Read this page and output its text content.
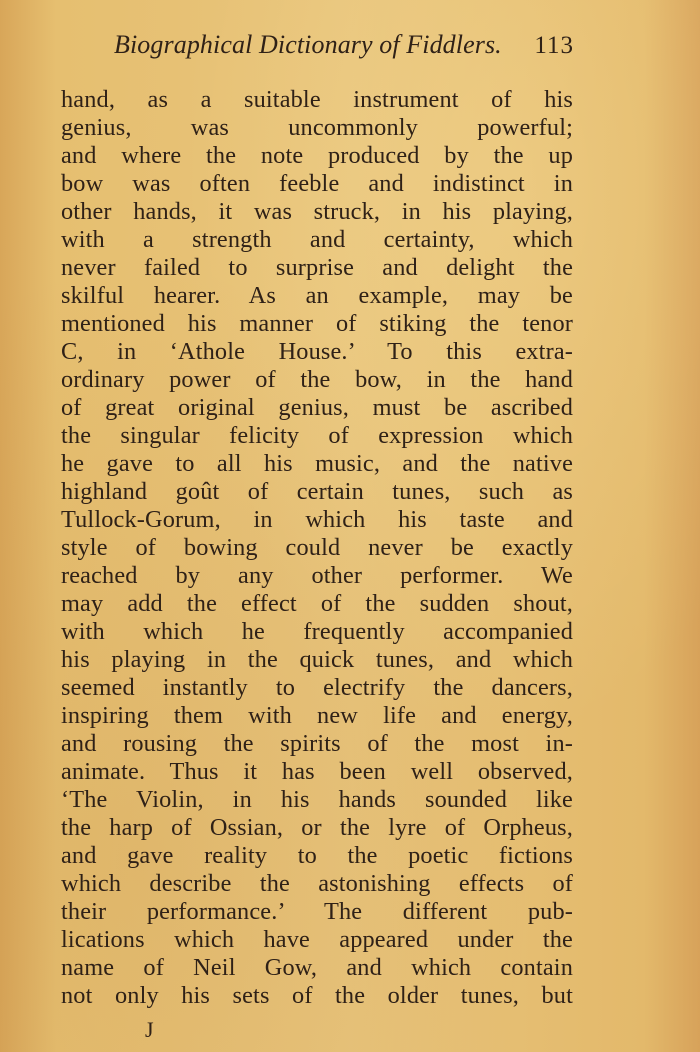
Biographical Dictionary of Fiddlers. 113
hand, as a suitable instrument of his
genius, was uncommonly powerful;
and where the note produced by the up
bow was often feeble and indistinct in
other hands, it was struck, in his playing,
with a strength and certainty, which
never failed to surprise and delight the
skilful hearer. As an example, may be
mentioned his manner of stiking the tenor
C, in ‘Athole House.’ To this extra-
ordinary power of the bow, in the hand
of great original genius, must be ascribed
the singular felicity of expression which
he gave to all his music, and the native
highland goût of certain tunes, such as
Tullock-Gorum, in which his taste and
style of bowing could never be exactly
reached by any other performer. We
may add the effect of the sudden shout,
with which he frequently accompanied
his playing in the quick tunes, and which
seemed instantly to electrify the dancers,
inspiring them with new life and energy,
and rousing the spirits of the most in-
animate. Thus it has been well observed,
‘The Violin, in his hands sounded like
the harp of Ossian, or the lyre of Orpheus,
and gave reality to the poetic fictions
which describe the astonishing effects of
their performance.’ The different pub-
lications which have appeared under the
name of Neil Gow, and which contain
not only his sets of the older tunes, but
J
